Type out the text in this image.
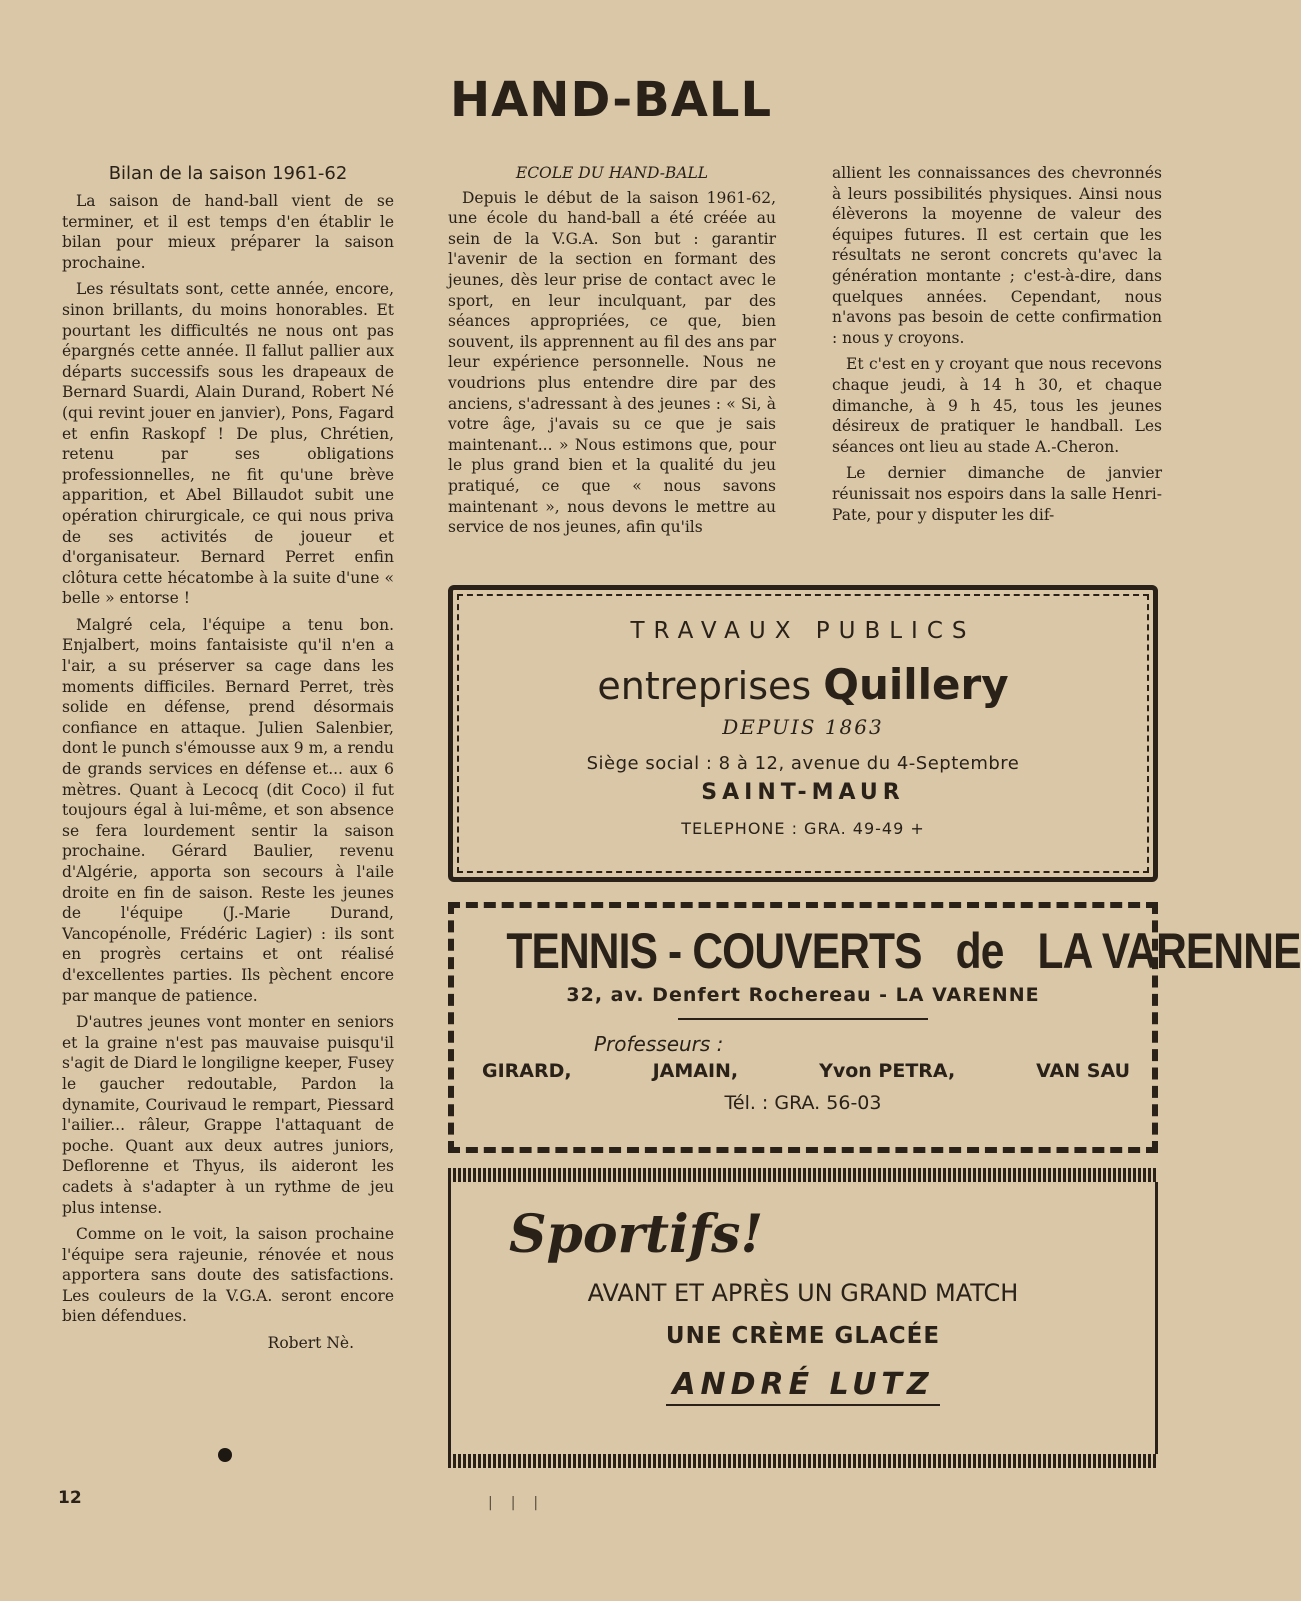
HAND-BALL
Bilan de la saison 1961-62

La saison de hand-ball vient de se terminer, et il est temps d'en établir le bilan pour mieux préparer la saison prochaine.

Les résultats sont, cette année, encore, sinon brillants, du moins honorables. Et pourtant les difficultés ne nous ont pas épargnés cette année. Il fallut pallier aux départs successifs sous les drapeaux de Bernard Suardi, Alain Durand, Robert Né (qui revint jouer en janvier), Pons, Fagard et enfin Raskopf ! De plus, Chrétien, retenu par ses obligations professionnelles, ne fit qu'une brève apparition, et Abel Billaudot subit une opération chirurgicale, ce qui nous priva de ses activités de joueur et d'organisateur. Bernard Perret enfin clôtura cette hécatombe à la suite d'une « belle » entorse !

Malgré cela, l'équipe a tenu bon. Enjalbert, moins fantaisiste qu'il n'en a l'air, a su préserver sa cage dans les moments difficiles. Bernard Perret, très solide en défense, prend désormais confiance en attaque. Julien Salenbier, dont le punch s'émousse aux 9 m, a rendu de grands services en défense et... aux 6 mètres. Quant à Lecocq (dit Coco) il fut toujours égal à lui-même, et son absence se fera lourdement sentir la saison prochaine. Gérard Baulier, revenu d'Algérie, apporta son secours à l'aile droite en fin de saison. Reste les jeunes de l'équipe (J.-Marie Durand, Vancopénolle, Frédéric Lagier) : ils sont en progrès certains et ont réalisé d'excellentes parties. Ils pèchent encore par manque de patience.

D'autres jeunes vont monter en seniors et la graine n'est pas mauvaise puisqu'il s'agit de Diard le longiligne keeper, Fusey le gaucher redoutable, Pardon la dynamite, Courivaud le rempart, Piessard l'ailier... râleur, Grappe l'attaquant de poche. Quant aux deux autres juniors, Deflorenne et Thyus, ils aideront les cadets à s'adapter à un rythme de jeu plus intense.

Comme on le voit, la saison prochaine l'équipe sera rajeunie, rénovée et nous apportera sans doute des satisfactions. Les couleurs de la V.G.A. seront encore bien défendues.

Robert Nè.
ECOLE DU HAND-BALL

Depuis le début de la saison 1961-62, une école du hand-ball a été créée au sein de la V.G.A. Son but : garantir l'avenir de la section en formant des jeunes, dès leur prise de contact avec le sport, en leur inculquant, par des séances appropriées, ce que, bien souvent, ils apprennent au fil des ans par leur expérience personnelle. Nous ne voudrions plus entendre dire par des anciens, s'adressant à des jeunes : « Si, à votre âge, j'avais su ce que je sais maintenant... » Nous estimons que, pour le plus grand bien et la qualité du jeu pratiqué, ce que « nous savons maintenant », nous devons le mettre au service de nos jeunes, afin qu'ils

allient les connaissances des chevronnés à leurs possibilités physiques. Ainsi nous élèverons la moyenne de valeur des équipes futures. Il est certain que les résultats ne seront concrets qu'avec la génération montante ; c'est-à-dire, dans quelques années. Cependant, nous n'avons pas besoin de cette confirmation : nous y croyons.

Et c'est en y croyant que nous recevons chaque jeudi, à 14 h 30, et chaque dimanche, à 9 h 45, tous les jeunes désireux de pratiquer le handball. Les séances ont lieu au stade A.-Cheron.

Le dernier dimanche de janvier réunissait nos espoirs dans la salle Henri-Pate, pour y disputer les dif-

TRAVAUX PUBLICS
entreprises Quillery
DEPUIS 1863
Siège social : 8 à 12, avenue du 4-Septembre
SAINT-MAUR
TELEPHONE : GRA. 49-49 +
TENNIS - COUVERTS de LA VARENNE
32, av. Denfert Rochereau - LA VARENNE
Professeurs :
GIRARD,	JAMAIN,	Yvon PETRA,	VAN SAU
Tél. : GRA. 56-03
Sportifs!
AVANT ET APRÈS UN GRAND MATCH
UNE CRÈME GLACÉE
ANDRÉ LUTZ
|||
12
